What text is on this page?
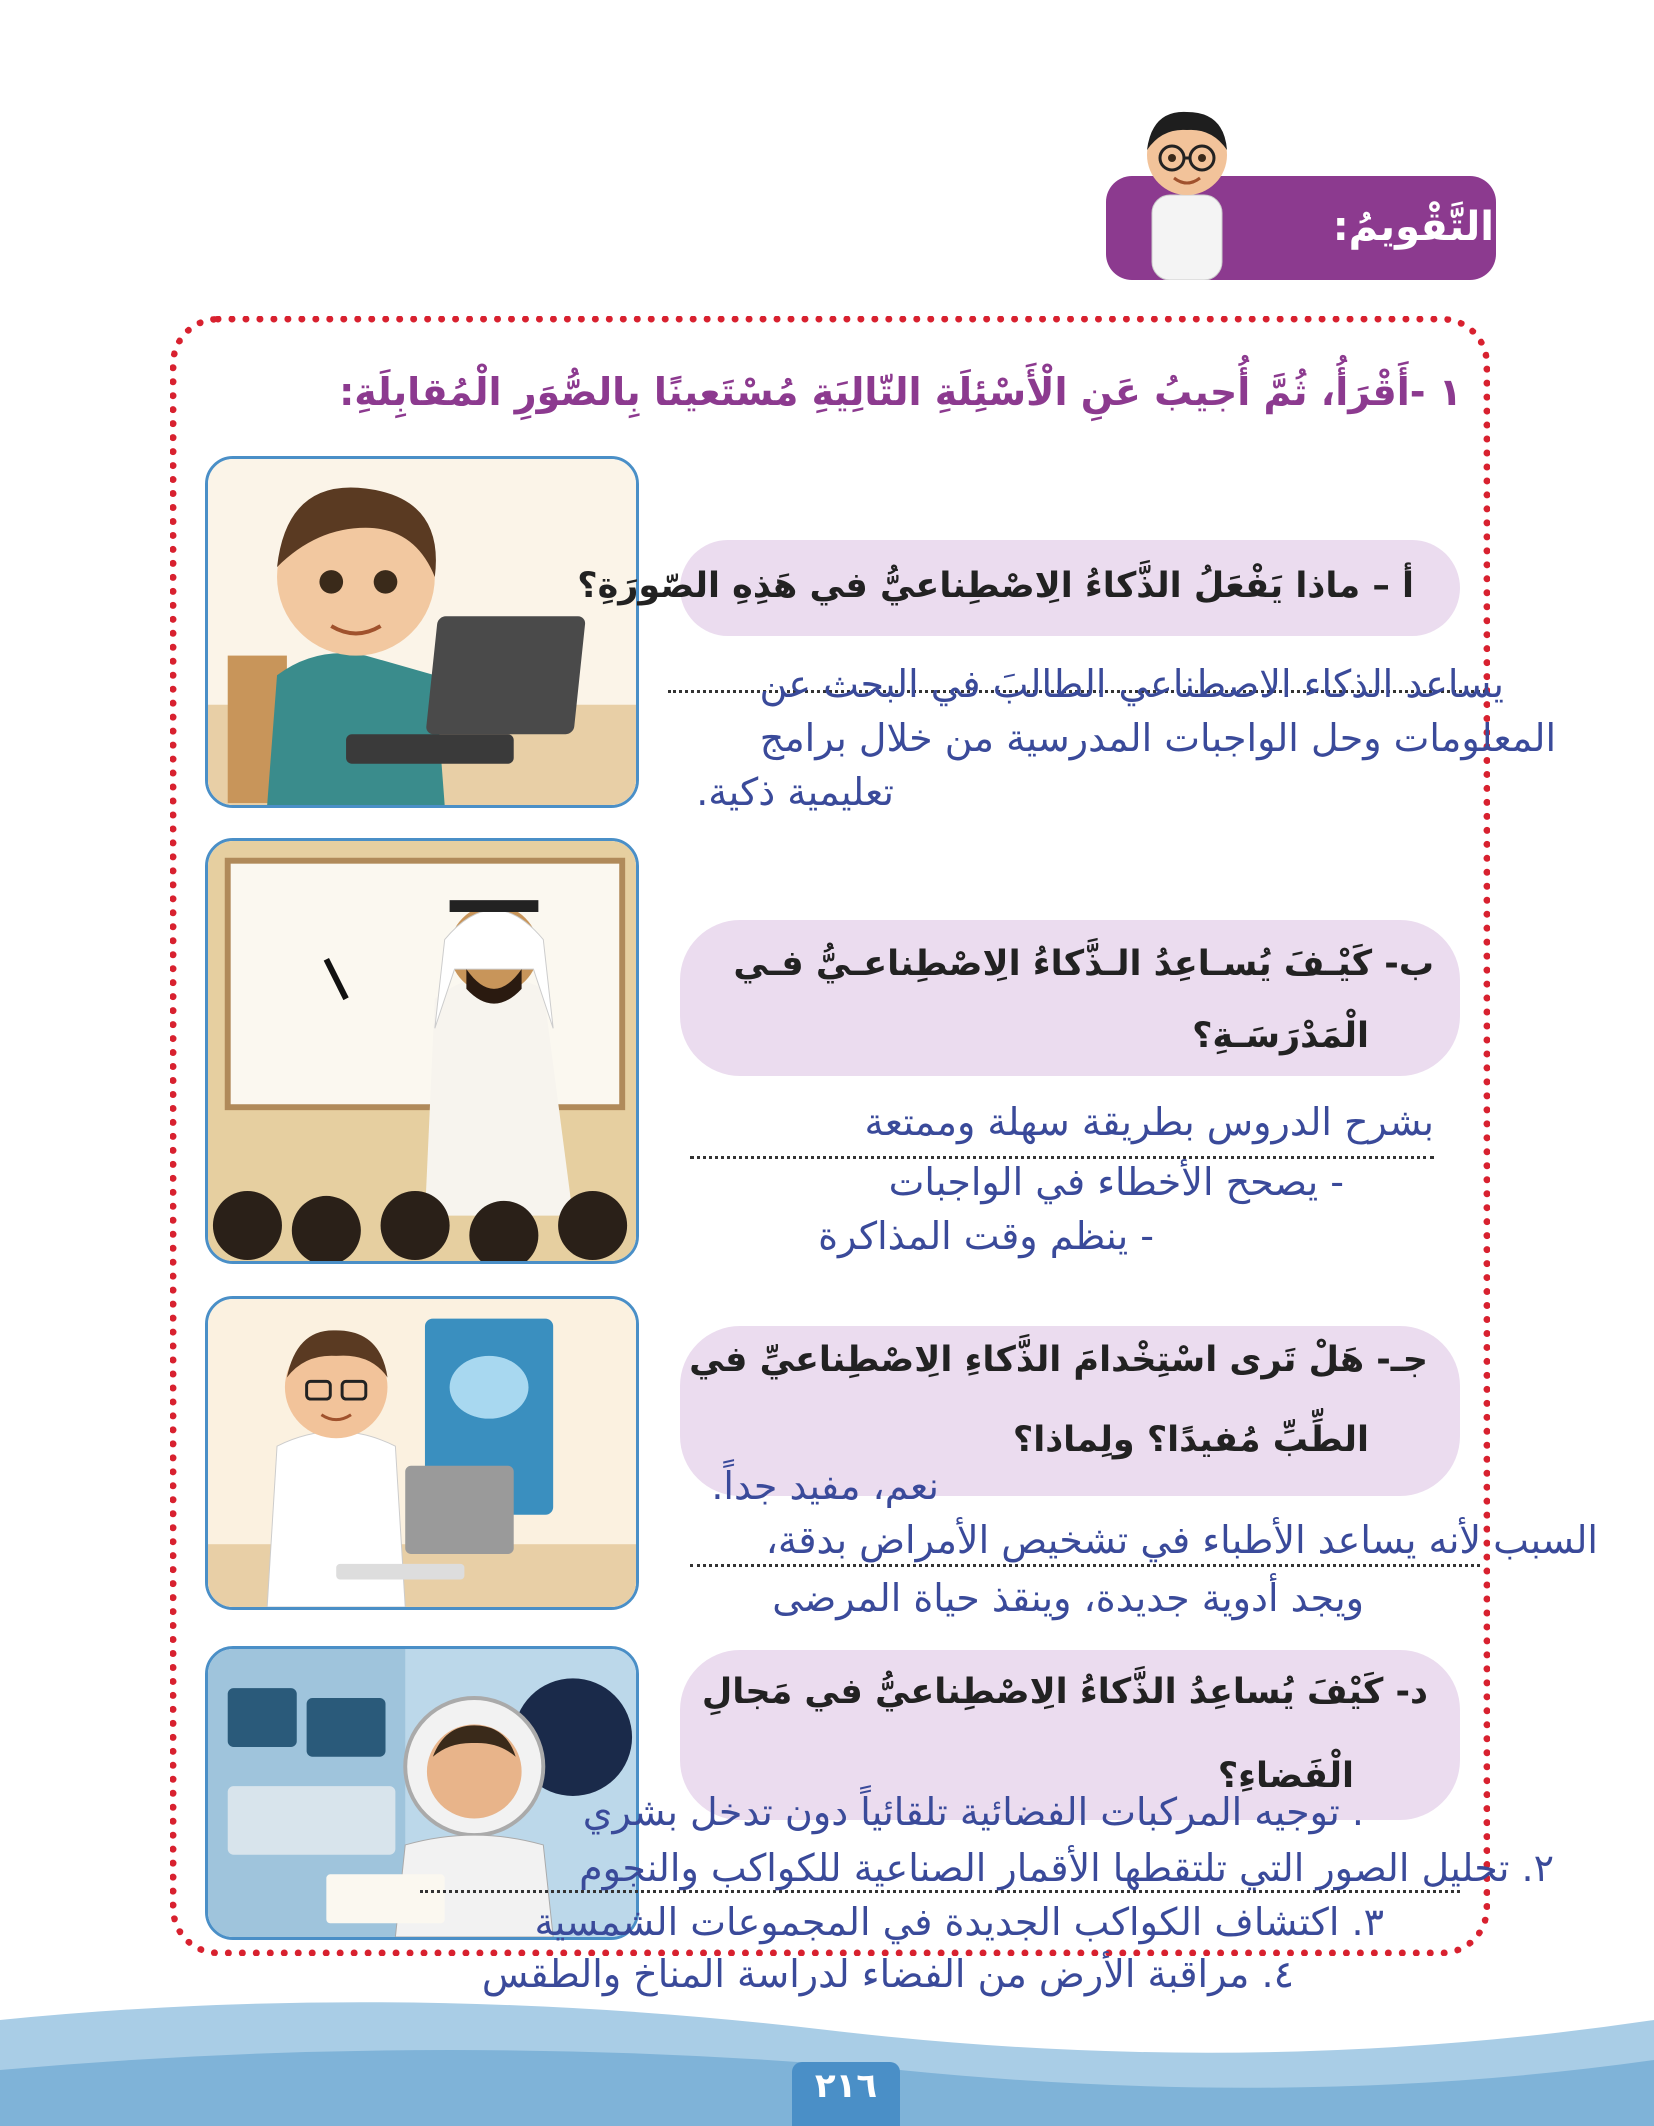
التَّقْويمُ:
١ -أَقْرَأُ، ثُمَّ أُجيبُ عَنِ الْأَسْئِلَةِ التّالِيَةِ مُسْتَعينًا بِالصُّوَرِ الْمُقابِلَةِ:
أ – ماذا يَفْعَلُ الذَّكاءُ الِاصْطِناعيُّ في هَذِهِ الصّورَةِ؟
يساعد الذكاء الاصطناعي الطالبَ في البحث عن
المعلومات وحل الواجبات المدرسية من خلال برامج
تعليمية ذكية.
ب- كَيْـفَ يُسـاعِدُ الـذَّكاءُ الِاصْطِناعـيُّ فـي
الْمَدْرَسَـةِ؟
بشرح الدروس بطريقة سهلة وممتعة
- يصحح الأخطاء في الواجبات
- ينظم وقت المذاكرة
جـ- هَلْ تَرى اسْتِخْدامَ الذَّكاءِ الِاصْطِناعيِّ في
الطِّبِّ مُفيدًا؟ ولِماذا؟
نعم، مفيد جداً.
السبب لأنه يساعد الأطباء في تشخيص الأمراض بدقة،
ويجد أدوية جديدة، وينقذ حياة المرضى
د- كَيْفَ يُساعِدُ الذَّكاءُ الِاصْطِناعيُّ في مَجالِ
الْفَضاءِ؟
. توجيه المركبات الفضائية تلقائياً دون تدخل بشري
٢. تحليل الصور التي تلتقطها الأقمار الصناعية للكواكب والنجوم
٣. اكتشاف الكواكب الجديدة في المجموعات الشمسية
٤. مراقبة الأرض من الفضاء لدراسة المناخ والطقس
٢١٦
